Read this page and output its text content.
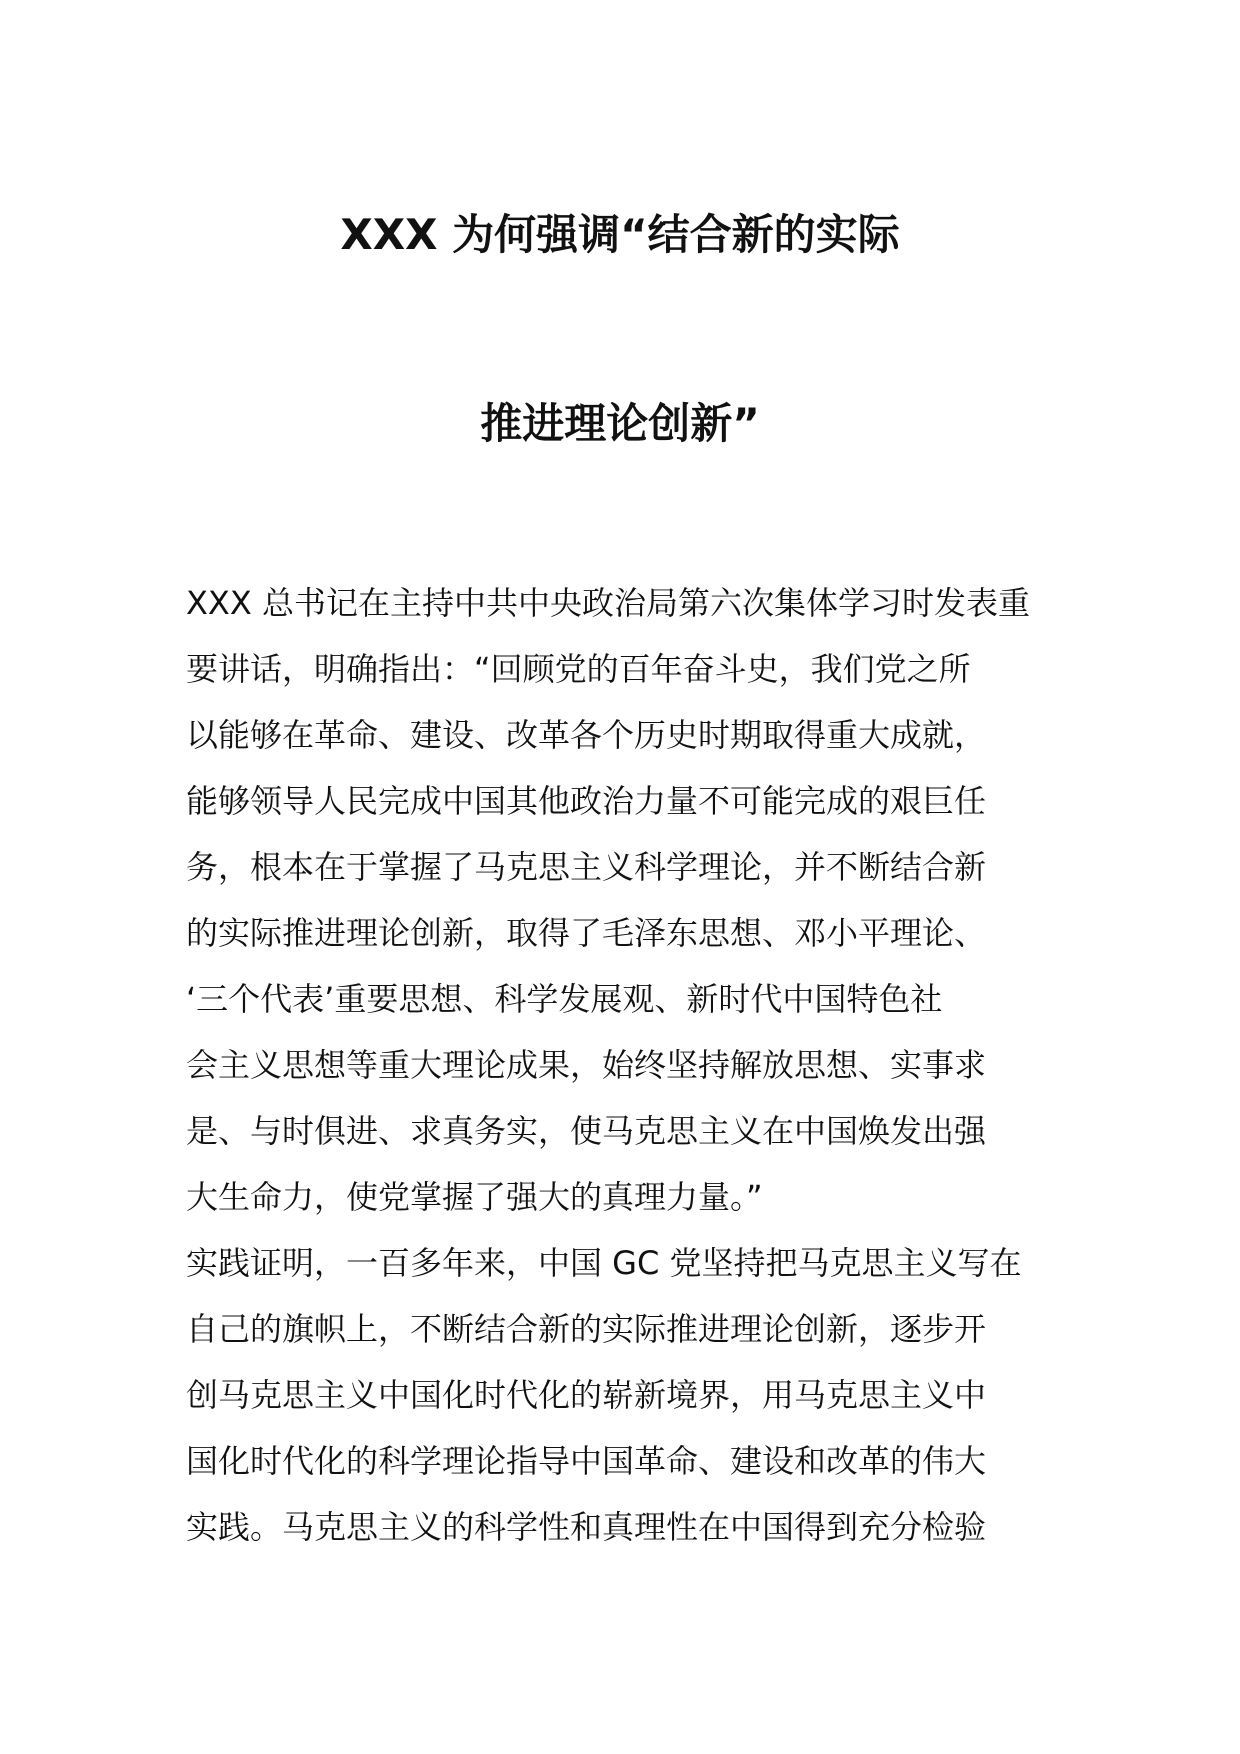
XXX 为何强调“结合新的实际
推进理论创新”
XXX 总书记在主持中共中央政治局第六次集体学习时发表重
要讲话，明确指出：“回顾党的百年奋斗史，我们党之所
以能够在革命、建设、改革各个历史时期取得重大成就，
能够领导人民完成中国其他政治力量不可能完成的艰巨任
务，根本在于掌握了马克思主义科学理论，并不断结合新
的实际推进理论创新，取得了毛泽东思想、邓小平理论、
‘三个代表’重要思想、科学发展观、新时代中国特色社
会主义思想等重大理论成果，始终坚持解放思想、实事求
是、与时俱进、求真务实，使马克思主义在中国焕发出强
大生命力，使党掌握了强大的真理力量。”
实践证明，一百多年来，中国 GC 党坚持把马克思主义写在
自己的旗帜上，不断结合新的实际推进理论创新，逐步开
创马克思主义中国化时代化的崭新境界，用马克思主义中
国化时代化的科学理论指导中国革命、建设和改革的伟大
实践。马克思主义的科学性和真理性在中国得到充分检验
